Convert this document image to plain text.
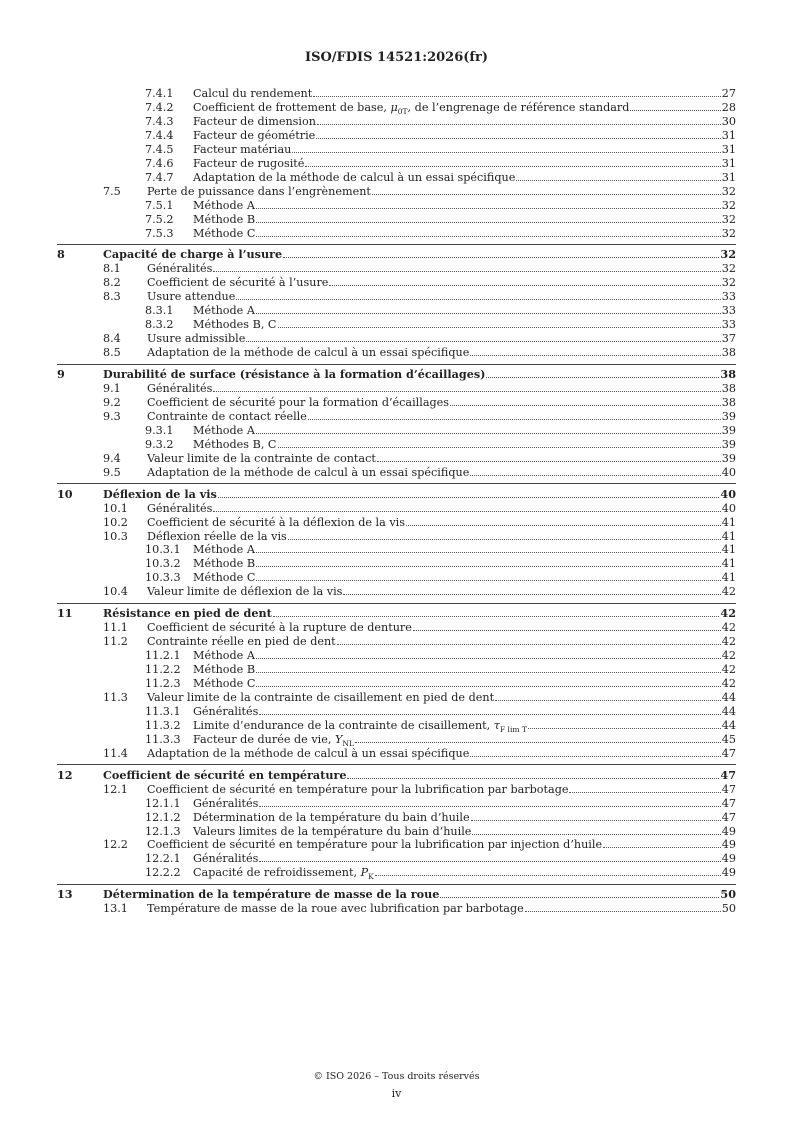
ISO/FDIS 14521:2026(fr)
7.4.1 Calcul du rendement	27
7.4.2 Coefficient de frottement de base, $\mu_{0T}$, de l’engrenage de référence standard	28
7.4.3 Facteur de dimension	30
7.4.4 Facteur de géométrie	31
7.4.5 Facteur matériau	31
7.4.6 Facteur de rugosité	31
7.4.7 Adaptation de la méthode de calcul à un essai spécifique	31
7.5 Perte de puissance dans l’engrènement	32
7.5.1 Méthode A	32
7.5.2 Méthode B	32
7.5.3 Méthode C	32
8	Capacité de charge à l’usure	32
8.1 Généralités	32
8.2 Coefficient de sécurité à l’usure	32
8.3 Usure attendue	33
8.3.1 Méthode A	33
8.3.2 Méthodes B, C	33
8.4 Usure admissible	37
8.5 Adaptation de la méthode de calcul à un essai spécifique	38
9	Durabilité de surface (résistance à la formation d’écaillages)	38
9.1 Généralités	38
9.2 Coefficient de sécurité pour la formation d’écaillages	38
9.3 Contrainte de contact réelle	39
9.3.1 Méthode A	39
9.3.2 Méthodes B, C	39
9.4 Valeur limite de la contrainte de contact	39
9.5 Adaptation de la méthode de calcul à un essai spécifique	40
10	Déflexion de la vis	40
10.1 Généralités	40
10.2 Coefficient de sécurité à la déflexion de la vis	41
10.3 Déflexion réelle de la vis	41
10.3.1 Méthode A	41
10.3.2 Méthode B	41
10.3.3 Méthode C	41
10.4 Valeur limite de déflexion de la vis	42
11	Résistance en pied de dent	42
11.1 Coefficient de sécurité à la rupture de denture	42
11.2 Contrainte réelle en pied de dent	42
11.2.1 Méthode A	42
11.2.2 Méthode B	42
11.2.3 Méthode C	42
11.3 Valeur limite de la contrainte de cisaillement en pied de dent	44
11.3.1 Généralités	44
11.3.2 Limite d’endurance de la contrainte de cisaillement, $\tau_{F lim T}$	44
11.3.3 Facteur de durée de vie, $Y_{NL}$	45
11.4 Adaptation de la méthode de calcul à un essai spécifique	47
12	Coefficient de sécurité en température	47
12.1 Coefficient de sécurité en température pour la lubrification par barbotage	47
12.1.1 Généralités	47
12.1.2 Détermination de la température du bain d’huile	47
12.1.3 Valeurs limites de la température du bain d’huile	49
12.2 Coefficient de sécurité en température pour la lubrification par injection d’huile	49
12.2.1 Généralités	49
12.2.2 Capacité de refroidissement, $P_K$	49
13	Détermination de la température de masse de la roue	50
13.1 Température de masse de la roue avec lubrification par barbotage	50
© ISO 2026 – Tous droits réservés
iv
